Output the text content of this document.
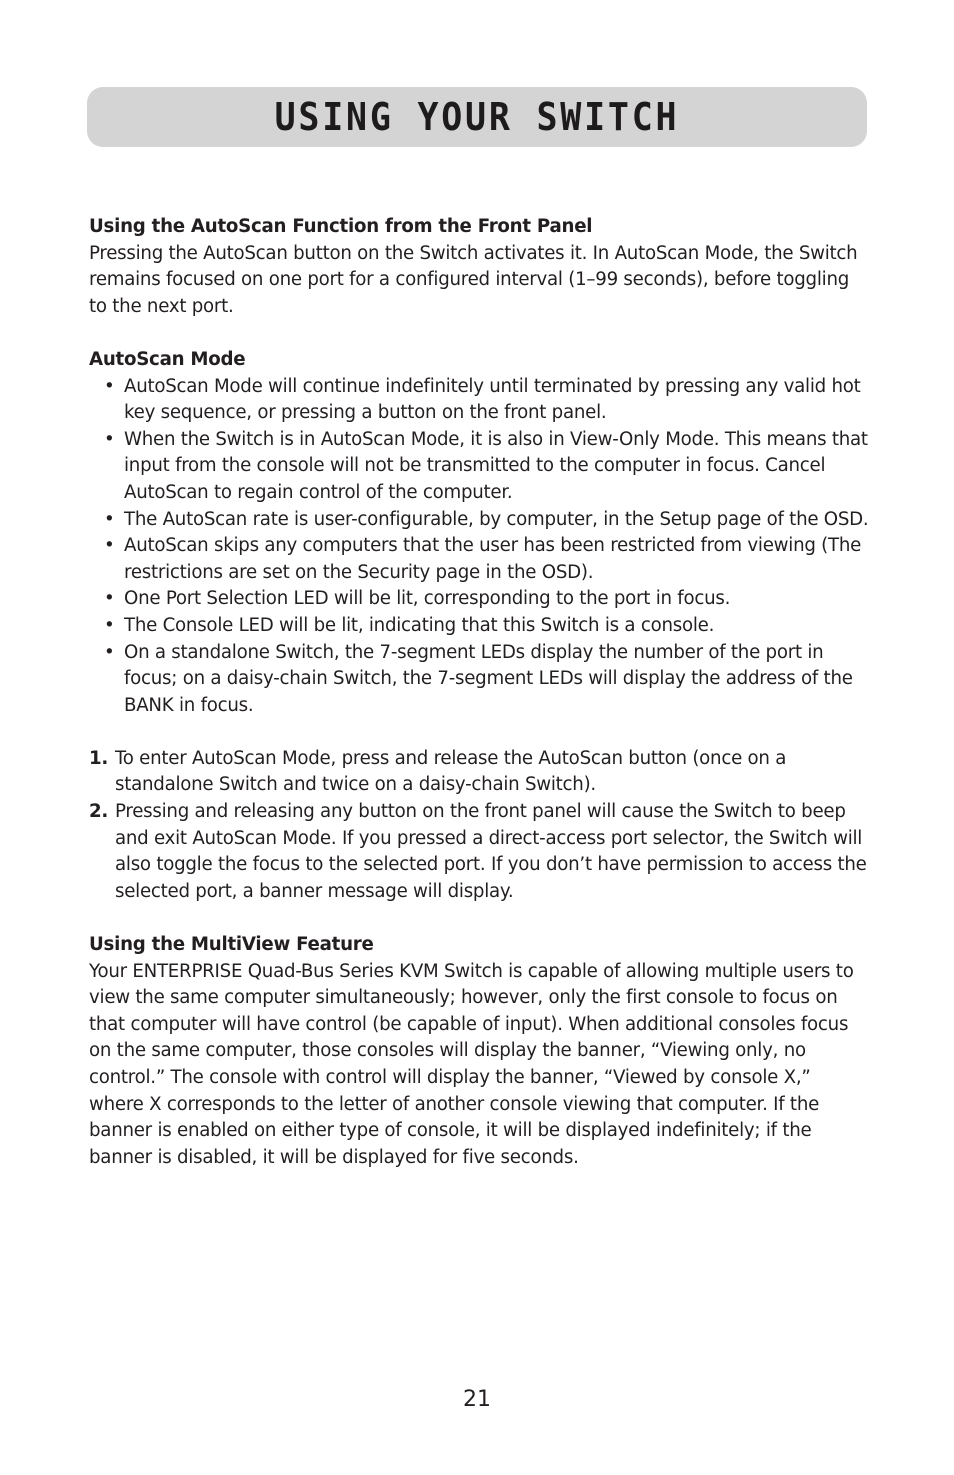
USING YOUR SWITCH

Using the AutoScan Function from the Front Panel

Pressing the AutoScan button on the Switch activates it. In AutoScan Mode, the Switch remains focused on one port for a configured interval (1–99 seconds), before toggling to the next port.

AutoScan Mode

• AutoScan Mode will continue indefinitely until terminated by pressing any valid hot key sequence, or pressing a button on the front panel.
• When the Switch is in AutoScan Mode, it is also in View-Only Mode. This means that input from the console will not be transmitted to the computer in focus. Cancel AutoScan to regain control of the computer.
• The AutoScan rate is user-configurable, by computer, in the Setup page of the OSD.
• AutoScan skips any computers that the user has been restricted from viewing (The restrictions are set on the Security page in the OSD).
• One Port Selection LED will be lit, corresponding to the port in focus.
• The Console LED will be lit, indicating that this Switch is a console.
• On a standalone Switch, the 7-segment LEDs display the number of the port in focus; on a daisy-chain Switch, the 7-segment LEDs will display the address of the BANK in focus.
1. To enter AutoScan Mode, press and release the AutoScan button (once on a standalone Switch and twice on a daisy-chain Switch).
2. Pressing and releasing any button on the front panel will cause the Switch to beep and exit AutoScan Mode. If you pressed a direct-access port selector, the Switch will also toggle the focus to the selected port. If you don’t have permission to access the selected port, a banner message will display.

Using the MultiView Feature

Your ENTERPRISE Quad-Bus Series KVM Switch is capable of allowing multiple users to view the same computer simultaneously; however, only the first console to focus on that computer will have control (be capable of input). When additional consoles focus on the same computer, those consoles will display the banner, “Viewing only, no control.” The console with control will display the banner, “Viewed by console X,” where X corresponds to the letter of another console viewing that computer. If the banner is enabled on either type of console, it will be displayed indefinitely; if the banner is disabled, it will be displayed for five seconds.

21
